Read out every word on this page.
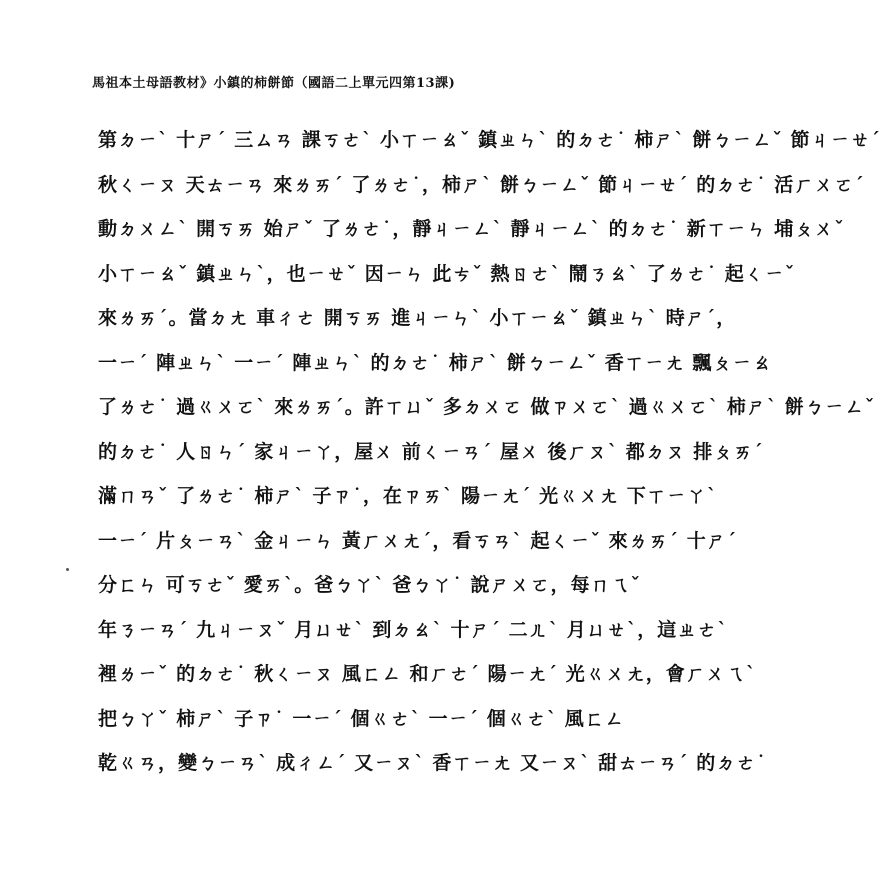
馬祖本土母語教材》小鎮的柿餅節（國語二上單元四第13課)
第ㄉㄧˋ 十ㄕˊ 三ㄙㄢ 課ㄎㄜˋ 小ㄒㄧㄠˇ 鎮ㄓㄣˋ 的ㄉㄜ˙ 柿ㄕˋ 餅ㄅㄧㄥˇ 節ㄐㄧㄝˊ
秋ㄑㄧㄡ 天ㄊㄧㄢ 來ㄌㄞˊ 了ㄌㄜ˙，柿ㄕˋ 餅ㄅㄧㄥˇ 節ㄐㄧㄝˊ 的ㄉㄜ˙ 活ㄏㄨㄛˊ
動ㄉㄨㄥˋ 開ㄎㄞ 始ㄕˇ 了ㄌㄜ˙，靜ㄐㄧㄥˋ 靜ㄐㄧㄥˋ 的ㄉㄜ˙ 新ㄒㄧㄣ 埔ㄆㄨˇ
小ㄒㄧㄠˇ 鎮ㄓㄣˋ，也ㄧㄝˇ 因ㄧㄣ 此ㄘˇ 熱ㄖㄜˋ 鬧ㄋㄠˋ 了ㄌㄜ˙ 起ㄑㄧˇ
來ㄌㄞˊ。當ㄉㄤ 車ㄔㄜ 開ㄎㄞ 進ㄐㄧㄣˋ 小ㄒㄧㄠˇ 鎮ㄓㄣˋ 時ㄕˊ，
一ㄧˊ 陣ㄓㄣˋ 一ㄧˊ 陣ㄓㄣˋ 的ㄉㄜ˙ 柿ㄕˋ 餅ㄅㄧㄥˇ 香ㄒㄧㄤ 飄ㄆㄧㄠ
了ㄌㄜ˙ 過ㄍㄨㄛˋ 來ㄌㄞˊ。許ㄒㄩˇ 多ㄉㄨㄛ 做ㄗㄨㄛˋ 過ㄍㄨㄛˋ 柿ㄕˋ 餅ㄅㄧㄥˇ
的ㄉㄜ˙ 人ㄖㄣˊ 家ㄐㄧㄚ，屋ㄨ 前ㄑㄧㄢˊ 屋ㄨ 後ㄏㄡˋ 都ㄉㄡ 排ㄆㄞˊ
滿ㄇㄢˇ 了ㄌㄜ˙ 柿ㄕˋ 子ㄗ˙，在ㄗㄞˋ 陽ㄧㄤˊ 光ㄍㄨㄤ 下ㄒㄧㄚˋ
一ㄧˊ 片ㄆㄧㄢˋ 金ㄐㄧㄣ 黃ㄏㄨㄤˊ，看ㄎㄢˋ 起ㄑㄧˇ 來ㄌㄞˊ 十ㄕˊ
分ㄈㄣ 可ㄎㄜˇ 愛ㄞˋ。爸ㄅㄚˋ 爸ㄅㄚ˙ 說ㄕㄨㄛ，每ㄇㄟˇ
年ㄋㄧㄢˊ 九ㄐㄧㄡˇ 月ㄩㄝˋ 到ㄉㄠˋ 十ㄕˊ 二ㄦˋ 月ㄩㄝˋ，這ㄓㄜˋ
裡ㄌㄧˇ 的ㄉㄜ˙ 秋ㄑㄧㄡ 風ㄈㄥ 和ㄏㄜˊ 陽ㄧㄤˊ 光ㄍㄨㄤ，會ㄏㄨㄟˋ
把ㄅㄚˇ 柿ㄕˋ 子ㄗ˙ 一ㄧˊ 個ㄍㄜˋ 一ㄧˊ 個ㄍㄜˋ 風ㄈㄥ
乾ㄍㄢ，變ㄅㄧㄢˋ 成ㄔㄥˊ 又ㄧㄡˋ 香ㄒㄧㄤ 又ㄧㄡˋ 甜ㄊㄧㄢˊ 的ㄉㄜ˙
